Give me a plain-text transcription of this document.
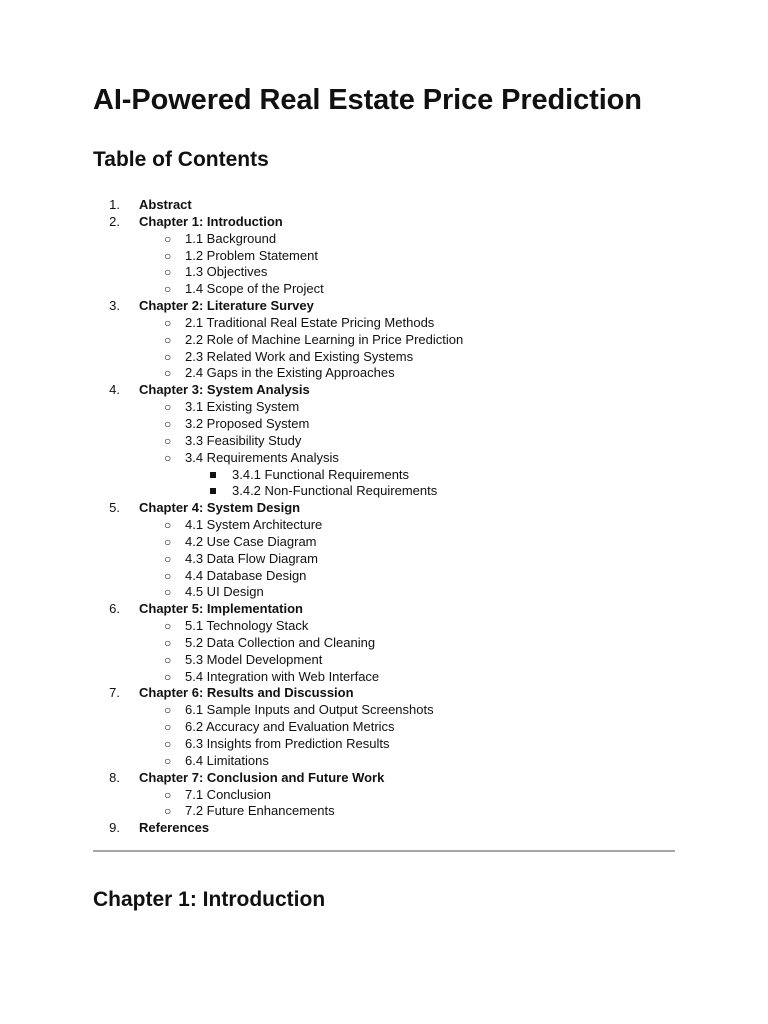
AI-Powered Real Estate Price Prediction
Table of Contents
1. Abstract
2. Chapter 1: Introduction
○ 1.1 Background
○ 1.2 Problem Statement
○ 1.3 Objectives
○ 1.4 Scope of the Project
3. Chapter 2: Literature Survey
○ 2.1 Traditional Real Estate Pricing Methods
○ 2.2 Role of Machine Learning in Price Prediction
○ 2.3 Related Work and Existing Systems
○ 2.4 Gaps in the Existing Approaches
4. Chapter 3: System Analysis
○ 3.1 Existing System
○ 3.2 Proposed System
○ 3.3 Feasibility Study
○ 3.4 Requirements Analysis
3.4.1 Functional Requirements
3.4.2 Non-Functional Requirements
5. Chapter 4: System Design
○ 4.1 System Architecture
○ 4.2 Use Case Diagram
○ 4.3 Data Flow Diagram
○ 4.4 Database Design
○ 4.5 UI Design
6. Chapter 5: Implementation
○ 5.1 Technology Stack
○ 5.2 Data Collection and Cleaning
○ 5.3 Model Development
○ 5.4 Integration with Web Interface
7. Chapter 6: Results and Discussion
○ 6.1 Sample Inputs and Output Screenshots
○ 6.2 Accuracy and Evaluation Metrics
○ 6.3 Insights from Prediction Results
○ 6.4 Limitations
8. Chapter 7: Conclusion and Future Work
○ 7.1 Conclusion
○ 7.2 Future Enhancements
9. References
Chapter 1: Introduction
